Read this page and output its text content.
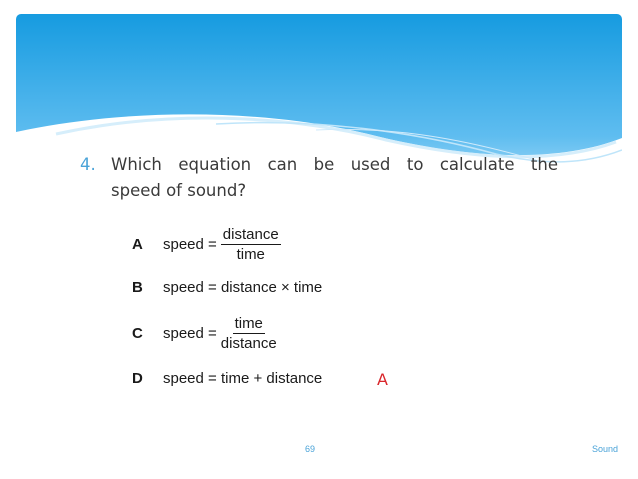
4. Which equation can be used to calculate the
speed of sound?
A	speed = $\frac{\text{distance}}{\text{time}}$
B	speed = distance × time
C	speed = $\frac{\text{time}}{\text{distance}}$
D	speed = time + distance	A
69	Sound
